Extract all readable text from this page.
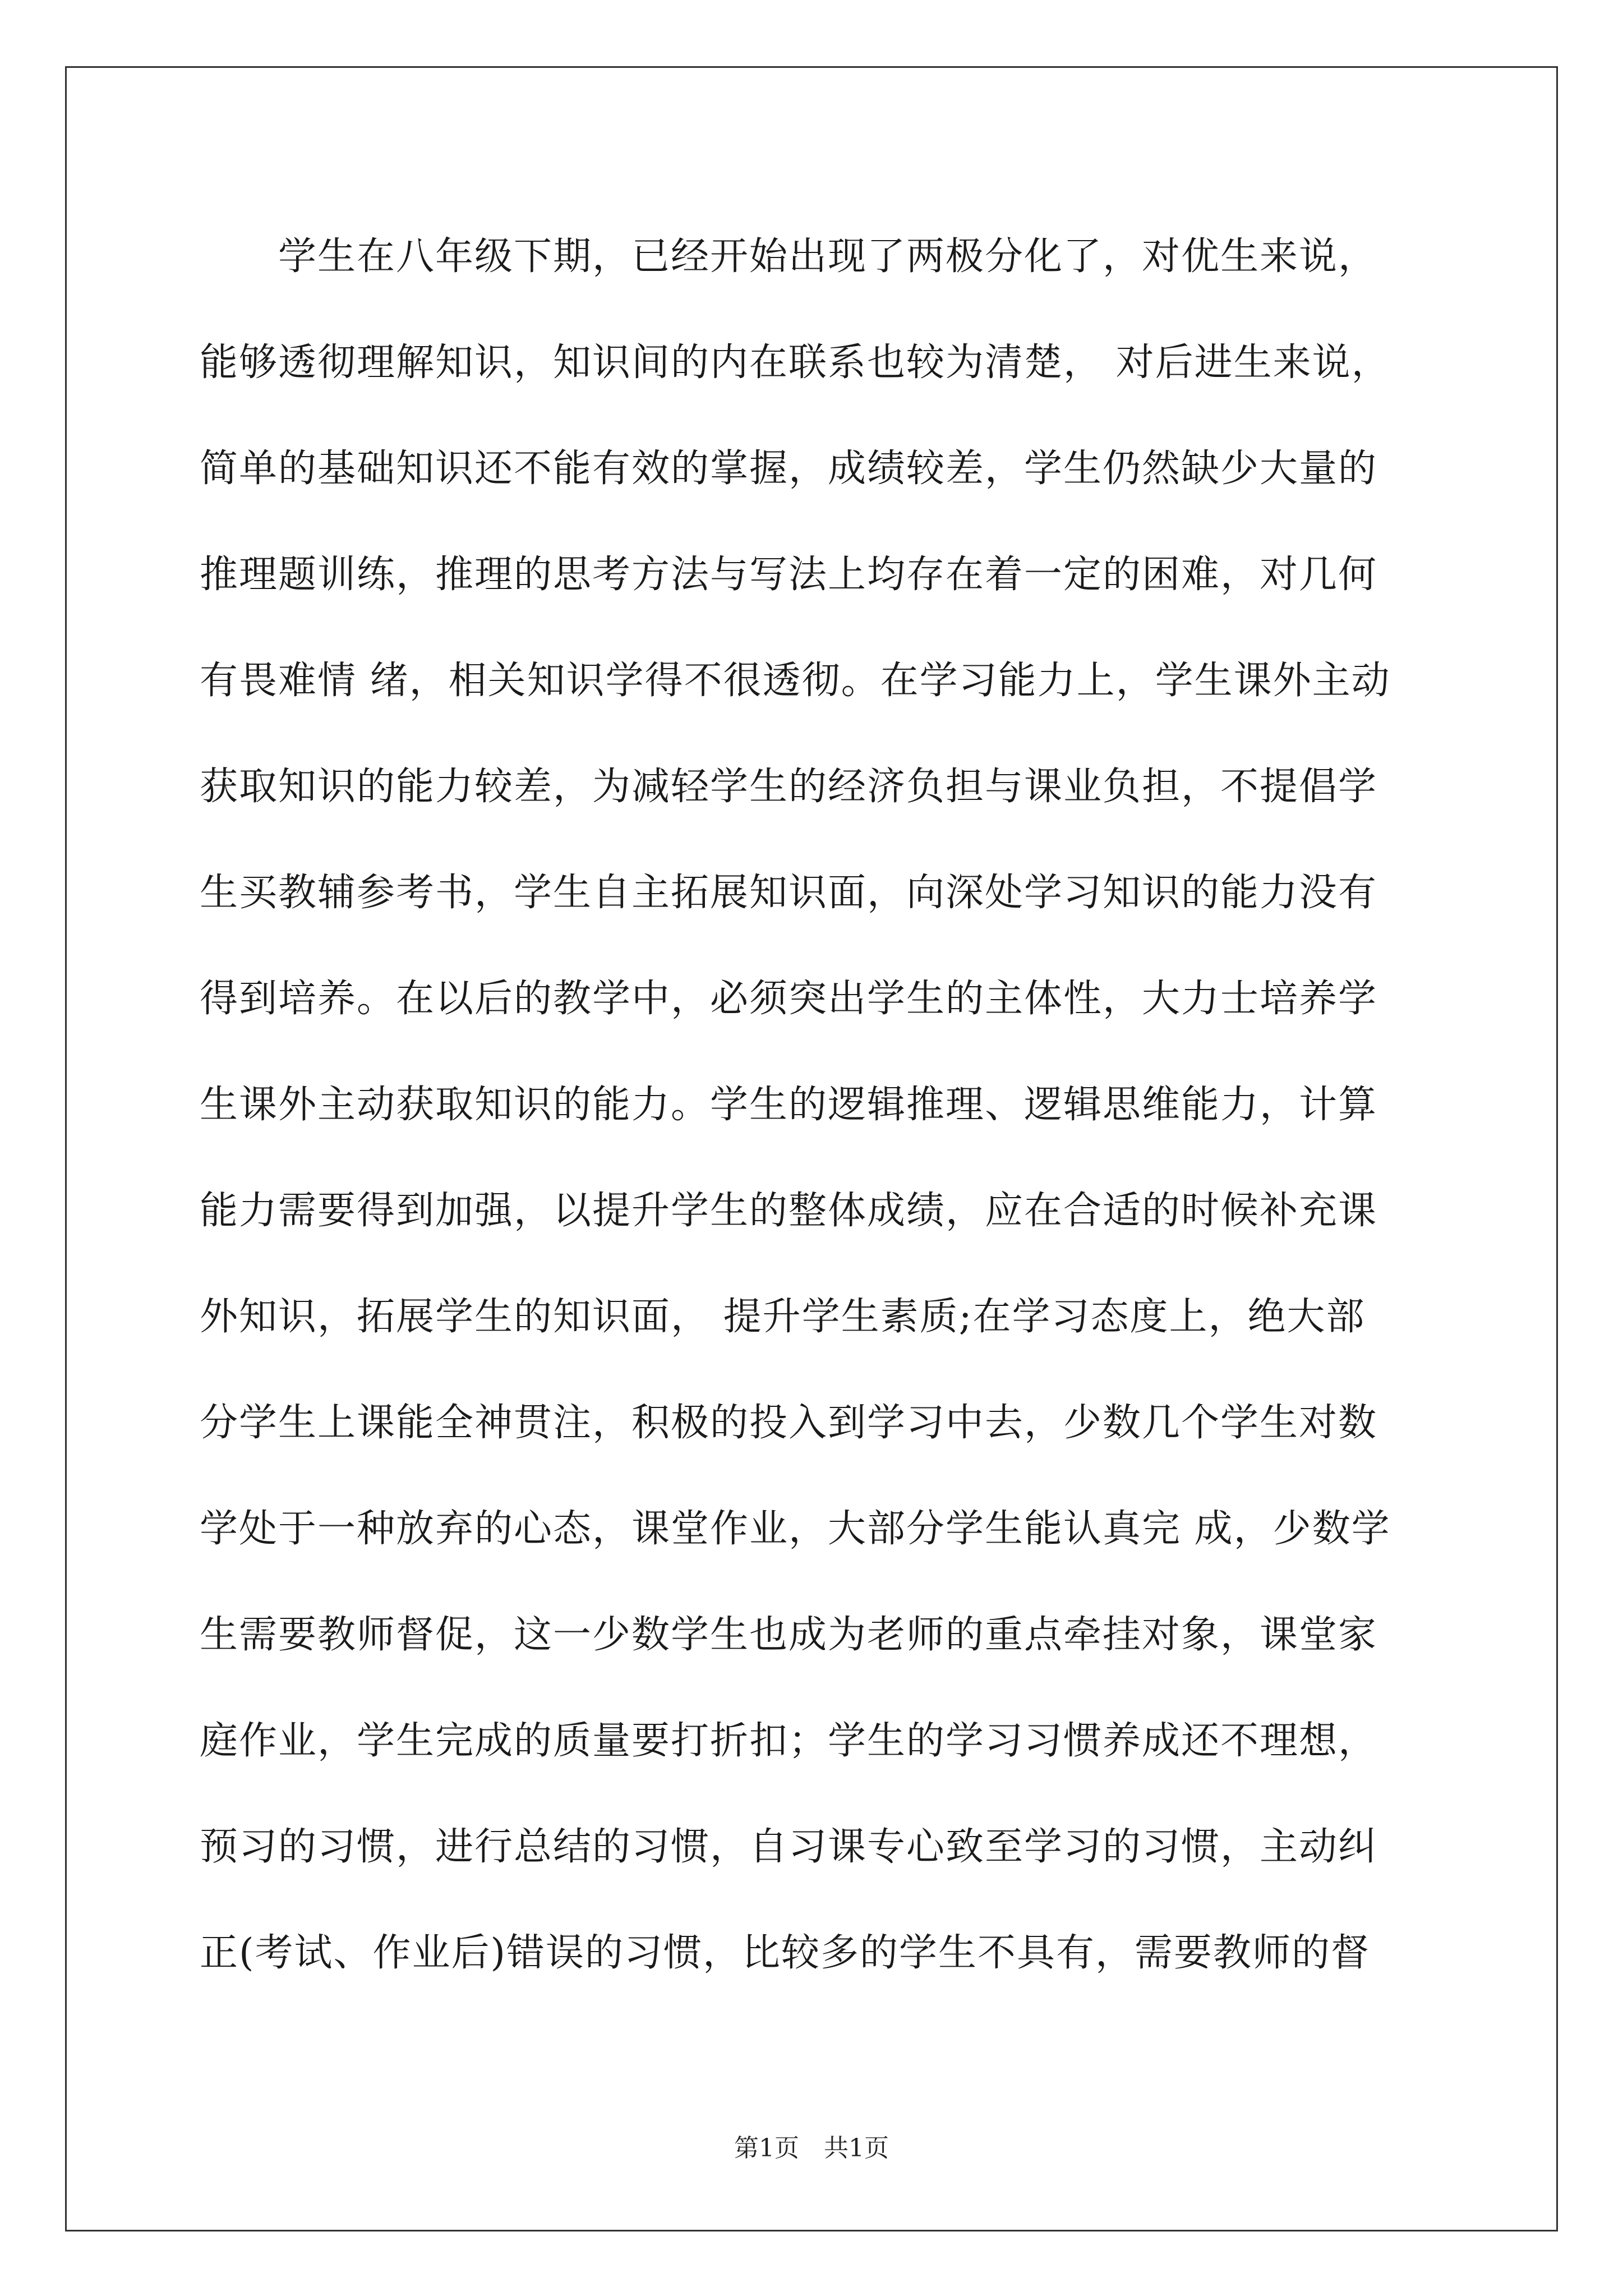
　　学生在八年级下期，已经开始出现了两极分化了，对优生来说，
能够透彻理解知识，知识间的内在联系也较为清楚， 对后进生来说，
简单的基础知识还不能有效的掌握，成绩较差，学生仍然缺少大量的
推理题训练，推理的思考方法与写法上均存在着一定的困难，对几何
有畏难情 绪，相关知识学得不很透彻。在学习能力上，学生课外主动
获取知识的能力较差，为减轻学生的经济负担与课业负担，不提倡学
生买教辅参考书，学生自主拓展知识面，向深处学习知识的能力没有
得到培养。在以后的教学中，必须突出学生的主体性，大力士培养学
生课外主动获取知识的能力。学生的逻辑推理、逻辑思维能力，计算
能力需要得到加强，以提升学生的整体成绩，应在合适的时候补充课
外知识，拓展学生的知识面， 提升学生素质;在学习态度上，绝大部
分学生上课能全神贯注，积极的投入到学习中去，少数几个学生对数
学处于一种放弃的心态，课堂作业，大部分学生能认真完 成，少数学
生需要教师督促，这一少数学生也成为老师的重点牵挂对象，课堂家
庭作业，学生完成的质量要打折扣；学生的学习习惯养成还不理想，
预习的习惯，进行总结的习惯，自习课专心致至学习的习惯，主动纠
正(考试、作业后)错误的习惯，比较多的学生不具有，需要教师的督
第1页　共1页
